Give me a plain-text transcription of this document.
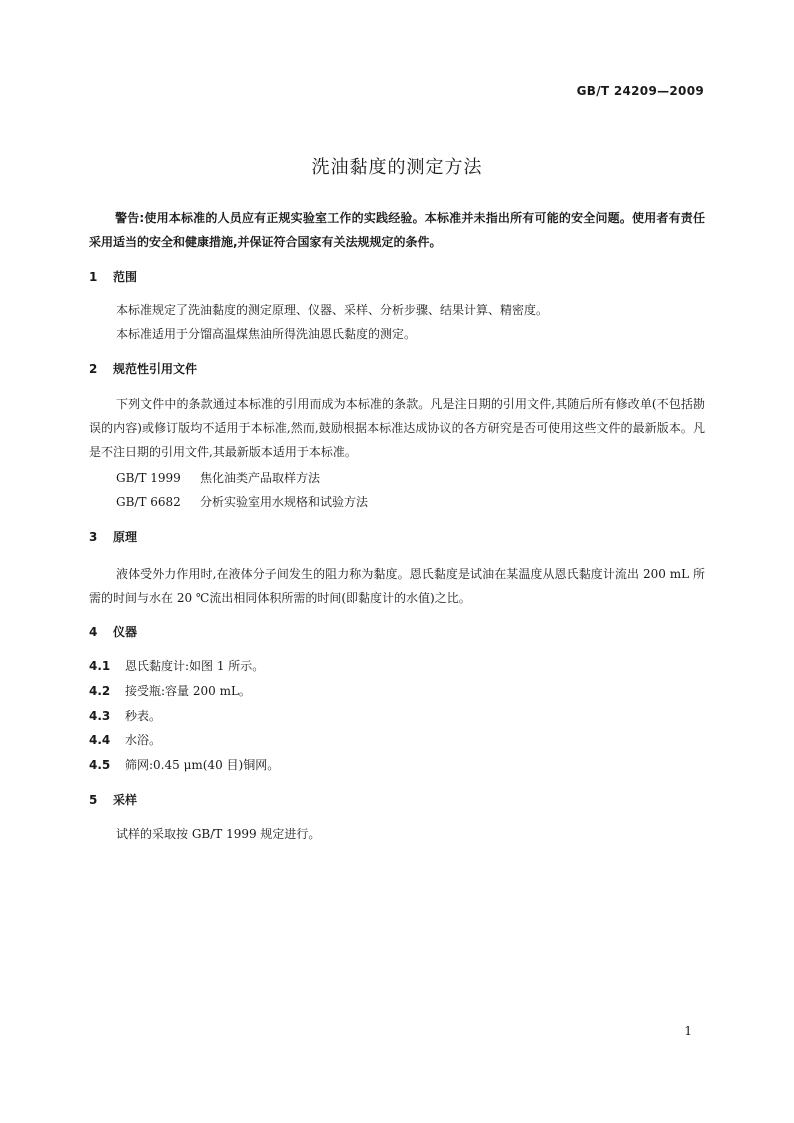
GB/T 24209—2009
洗油黏度的测定方法
警告:使用本标准的人员应有正规实验室工作的实践经验。本标准并未指出所有可能的安全问题。使用者有责任采用适当的安全和健康措施,并保证符合国家有关法规规定的条件。
1 范围
本标准规定了洗油黏度的测定原理、仪器、采样、分析步骤、结果计算、精密度。
本标准适用于分馏高温煤焦油所得洗油恩氏黏度的测定。
2 规范性引用文件
下列文件中的条款通过本标准的引用而成为本标准的条款。凡是注日期的引用文件,其随后所有修改单(不包括勘误的内容)或修订版均不适用于本标准,然而,鼓励根据本标准达成协议的各方研究是否可使用这些文件的最新版本。凡是不注日期的引用文件,其最新版本适用于本标准。
GB/T 1999 焦化油类产品取样方法
GB/T 6682 分析实验室用水规格和试验方法
3 原理
液体受外力作用时,在液体分子间发生的阻力称为黏度。恩氏黏度是试油在某温度从恩氏黏度计流出 200 mL 所需的时间与水在 20 ℃流出相同体积所需的时间(即黏度计的水值)之比。
4 仪器
4.1 恩氏黏度计:如图 1 所示。
4.2 接受瓶:容量 200 mL。
4.3 秒表。
4.4 水浴。
4.5 筛网:0.45 μm(40 目)铜网。
5 采样
试样的采取按 GB/T 1999 规定进行。
1
